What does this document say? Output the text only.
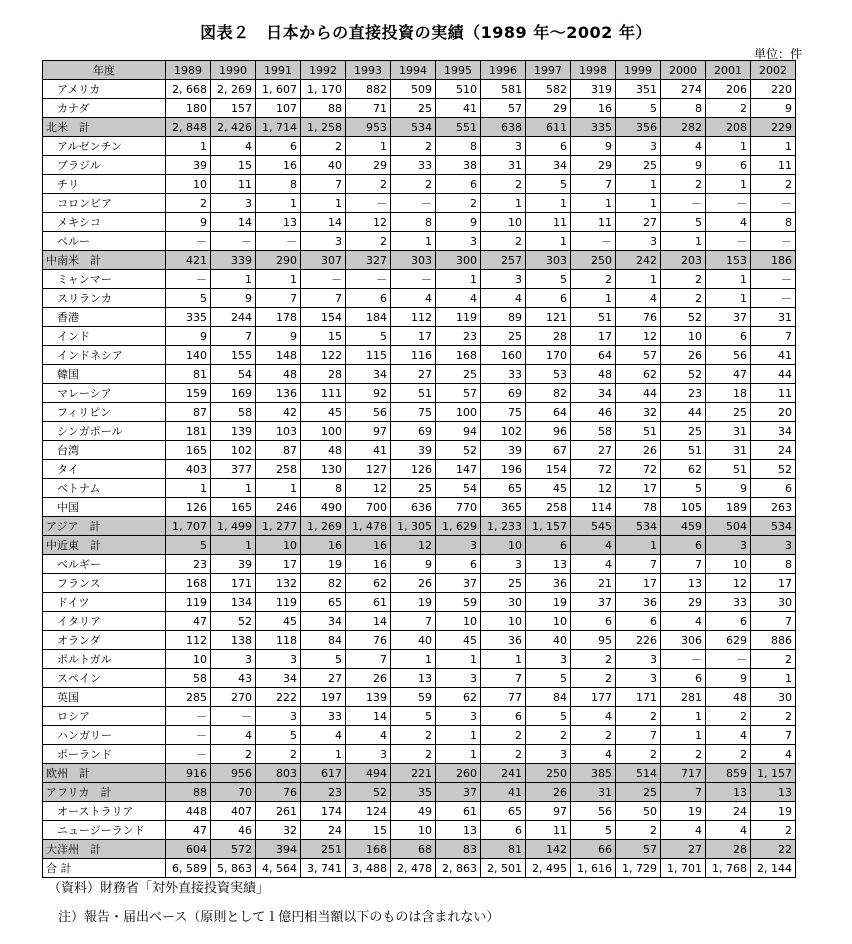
図表２　日本からの直接投資の実績（1989 年～2002 年）
単位：件
年度	1989	1990	1991	1992	1993	1994	1995	1996	1997	1998	1999	2000	2001	2002
アメリカ	2, 668	2, 269	1, 607	1, 170	882	509	510	581	582	319	351	274	206	220
カナダ	180	157	107	88	71	25	41	57	29	16	5	8	2	9
北米　計	2, 848	2, 426	1, 714	1, 258	953	534	551	638	611	335	356	282	208	229
アルゼンチン	1	4	6	2	1	2	8	3	6	9	3	4	1	1
ブラジル	39	15	16	40	29	33	38	31	34	29	25	9	6	11
チリ	10	11	8	7	2	2	6	2	5	7	1	2	1	2
コロンビア	2	3	1	1	－	－	2	1	1	1	1	－	－	－
メキシコ	9	14	13	14	12	8	9	10	11	11	27	5	4	8
ペルー	－	－	－	3	2	1	3	2	1	－	3	1	－	－
中南米　計	421	339	290	307	327	303	300	257	303	250	242	203	153	186
ミャンマー	－	1	1	－	－	－	1	3	5	2	1	2	1	－
スリランカ	5	9	7	7	6	4	4	4	6	1	4	2	1	－
香港	335	244	178	154	184	112	119	89	121	51	76	52	37	31
インド	9	7	9	15	5	17	23	25	28	17	12	10	6	7
インドネシア	140	155	148	122	115	116	168	160	170	64	57	26	56	41
韓国	81	54	48	28	34	27	25	33	53	48	62	52	47	44
マレーシア	159	169	136	111	92	51	57	69	82	34	44	23	18	11
フィリピン	87	58	42	45	56	75	100	75	64	46	32	44	25	20
シンガポール	181	139	103	100	97	69	94	102	96	58	51	25	31	34
台湾	165	102	87	48	41	39	52	39	67	27	26	51	31	24
タイ	403	377	258	130	127	126	147	196	154	72	72	62	51	52
ベトナム	1	1	1	8	12	25	54	65	45	12	17	5	9	6
中国	126	165	246	490	700	636	770	365	258	114	78	105	189	263
アジア　計	1, 707	1, 499	1, 277	1, 269	1, 478	1, 305	1, 629	1, 233	1, 157	545	534	459	504	534
中近東　計	5	1	10	16	16	12	3	10	6	4	1	6	3	3
ベルギー	23	39	17	19	16	9	6	3	13	4	7	7	10	8
フランス	168	171	132	82	62	26	37	25	36	21	17	13	12	17
ドイツ	119	134	119	65	61	19	59	30	19	37	36	29	33	30
イタリア	47	52	45	34	14	7	10	10	10	6	6	4	6	7
オランダ	112	138	118	84	76	40	45	36	40	95	226	306	629	886
ポルトガル	10	3	3	5	7	1	1	1	3	2	3	－	－	2
スペイン	58	43	34	27	26	13	3	7	5	2	3	6	9	1
英国	285	270	222	197	139	59	62	77	84	177	171	281	48	30
ロシア	－	－	3	33	14	5	3	6	5	4	2	1	2	2
ハンガリー	－	4	5	4	4	2	1	2	2	2	7	1	4	7
ポーランド	－	2	2	1	3	2	1	2	3	4	2	2	2	4
欧州　計	916	956	803	617	494	221	260	241	250	385	514	717	859	1, 157
アフリカ　計	88	70	76	23	52	35	37	41	26	31	25	7	13	13
オーストラリア	448	407	261	174	124	49	61	65	97	56	50	19	24	19
ニュージーランド	47	46	32	24	15	10	13	6	11	5	2	4	4	2
大洋州　計	604	572	394	251	168	68	83	81	142	66	57	27	28	22
合 計	6, 589	5, 863	4, 564	3, 741	3, 488	2, 478	2, 863	2, 501	2, 495	1, 616	1, 729	1, 701	1, 768	2, 144
（資料）財務省「対外直接投資実績」
注）報告・届出ベース（原則として１億円相当額以下のものは含まれない）
